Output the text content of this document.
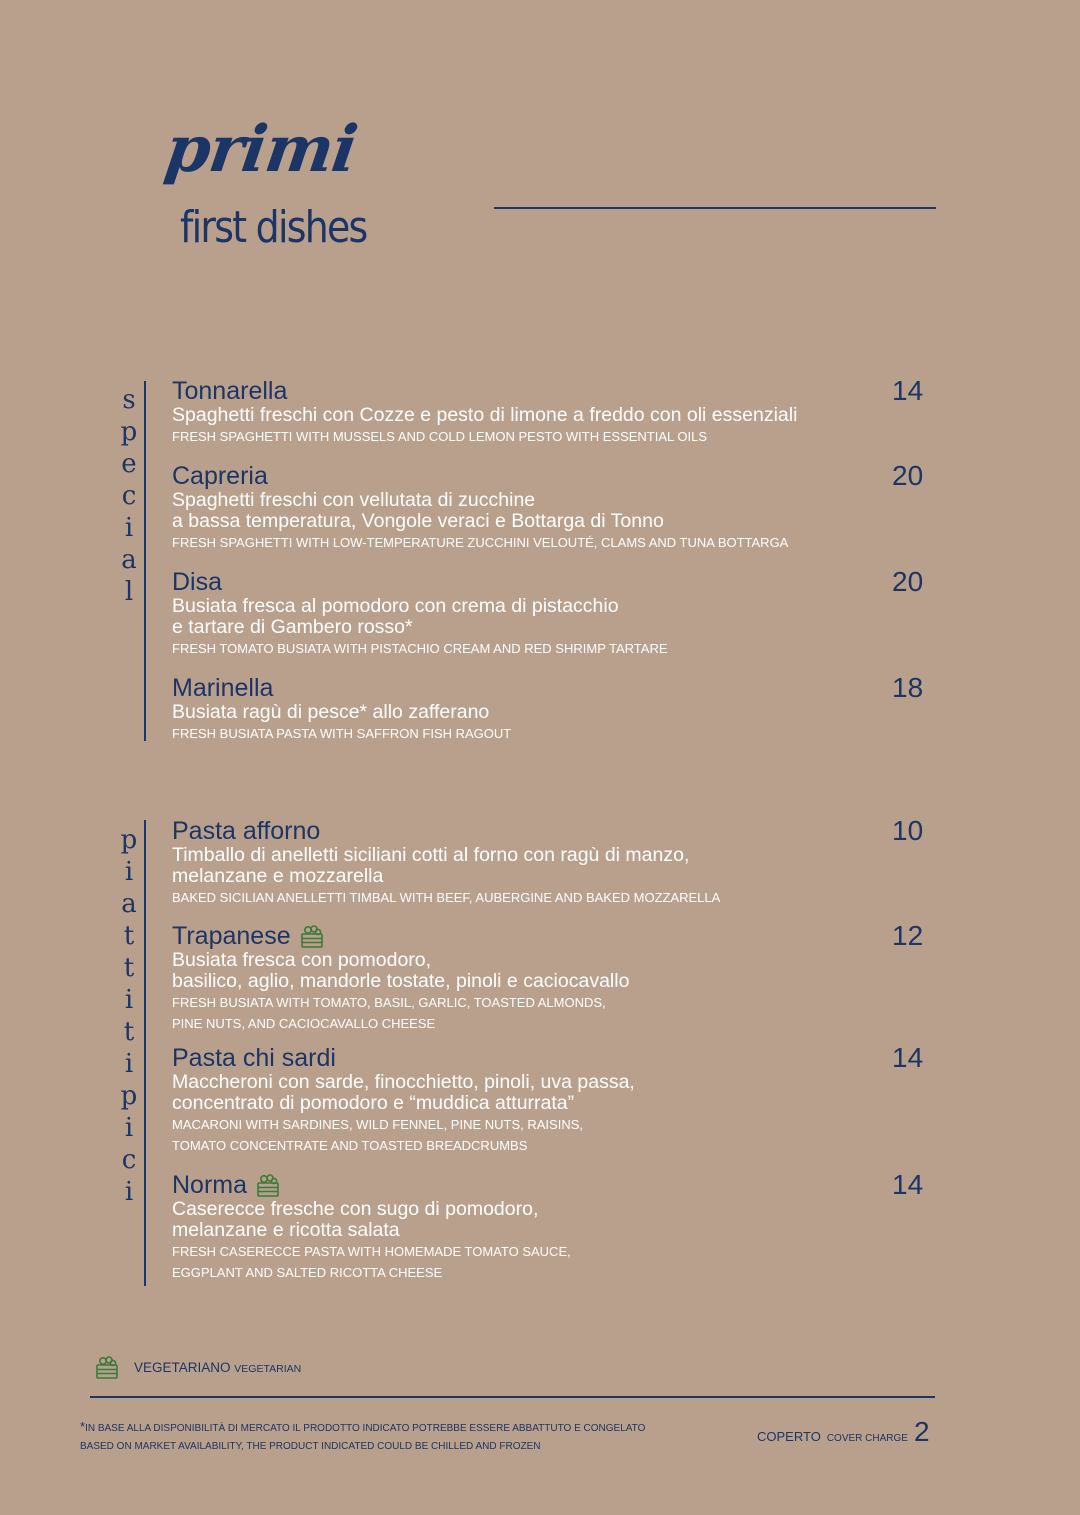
primi
first dishes
s
p
e
c
i
a
l
Tonnarella
Spaghetti freschi con Cozze e pesto di limone a freddo con oli essenziali
FRESH SPAGHETTI WITH MUSSELS AND COLD LEMON PESTO WITH ESSENTIAL OILS
14
Capreria
Spaghetti freschi con vellutata di zucchine
a bassa temperatura, Vongole veraci e Bottarga di Tonno
FRESH SPAGHETTI WITH LOW-TEMPERATURE ZUCCHINI VELOUTÉ, CLAMS AND TUNA BOTTARGA
20
Disa
Busiata fresca al pomodoro con crema di pistacchio
e tartare di Gambero rosso*
FRESH TOMATO BUSIATA WITH PISTACHIO CREAM AND RED SHRIMP TARTARE
20
Marinella
Busiata ragù di pesce* allo zafferano
FRESH BUSIATA PASTA WITH SAFFRON FISH RAGOUT
18
p
i
a
t
t
i
t
i
p
i
c
i
Pasta afforno
Timballo di anelletti siciliani cotti al forno con ragù di manzo,
melanzane e mozzarella
BAKED SICILIAN ANELLETTI TIMBAL WITH BEEF, AUBERGINE AND BAKED MOZZARELLA
10
Trapanese
Busiata fresca con pomodoro,
basilico, aglio, mandorle tostate, pinoli e caciocavallo
FRESH BUSIATA WITH TOMATO, BASIL, GARLIC, TOASTED ALMONDS,
PINE NUTS, AND CACIOCAVALLO CHEESE
12
Pasta chi sardi
Maccheroni con sarde, finocchietto, pinoli, uva passa,
concentrato di pomodoro e “muddica atturrata”
MACARONI WITH SARDINES, WILD FENNEL, PINE NUTS, RAISINS,
TOMATO CONCENTRATE AND TOASTED BREADCRUMBS
14
Norma
Caserecce fresche con sugo di pomodoro,
melanzane e ricotta salata
FRESH CASERECCE PASTA WITH HOMEMADE TOMATO SAUCE,
EGGPLANT AND SALTED RICOTTA CHEESE
14
VEGETARIANO VEGETARIAN
*IN BASE ALLA DISPONIBILITÀ DI MERCATO IL PRODOTTO INDICATO POTREBBE ESSERE ABBATTUTO E CONGELATO
BASED ON MARKET AVAILABILITY, THE PRODUCT INDICATED COULD BE CHILLED AND FROZEN
COPERTO COVER CHARGE 2
